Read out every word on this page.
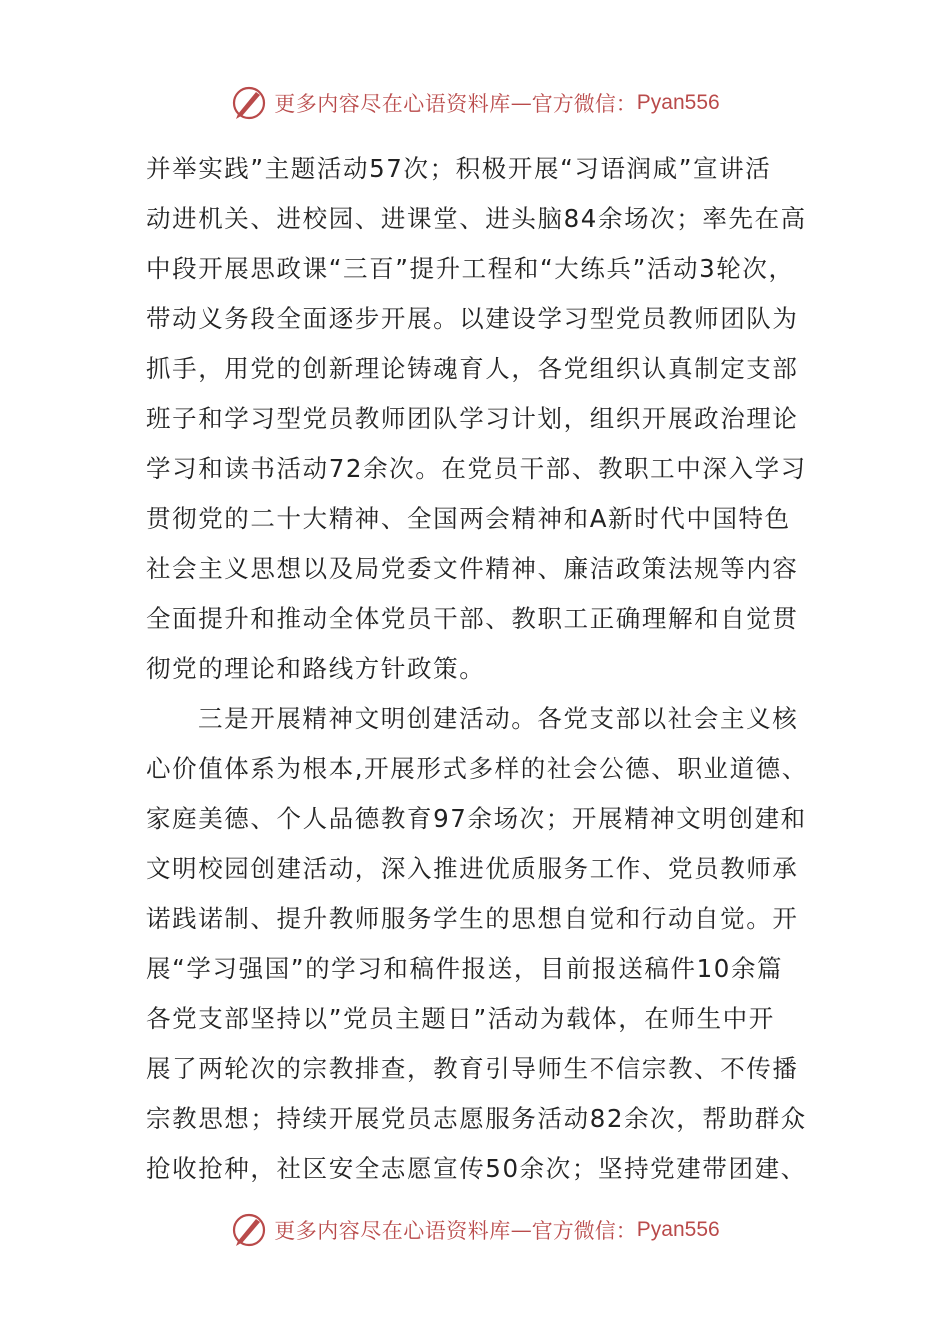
更多内容尽在心语资料库 — 官方微信： Pyan556
并举实践”主题活动57次；积极开展“习语润咸”宣讲活
动进机关、进校园、进课堂、进头脑84余场次；率先在高
中段开展思政课“三百”提升工程和“大练兵”活动3轮次，
带动义务段全面逐步开展。以建设学习型党员教师团队为
抓手，用党的创新理论铸魂育人，各党组织认真制定支部
班子和学习型党员教师团队学习计划，组织开展政治理论
学习和读书活动72余次。在党员干部、教职工中深入学习
贯彻党的二十大精神、全国两会精神和A新时代中国特色
社会主义思想以及局党委文件精神、廉洁政策法规等内容
全面提升和推动全体党员干部、教职工正确理解和自觉贯
彻党的理论和路线方针政策。
三是开展精神文明创建活动。各党支部以社会主义核
心价值体系为根本,开展形式多样的社会公德、职业道德、
家庭美德、个人品德教育97余场次；开展精神文明创建和
文明校园创建活动，深入推进优质服务工作、党员教师承
诺践诺制、提升教师服务学生的思想自觉和行动自觉。开
展“学习强国”的学习和稿件报送，目前报送稿件10余篇
各党支部坚持以”党员主题日”活动为载体，在师生中开
展了两轮次的宗教排查，教育引导师生不信宗教、不传播
宗教思想；持续开展党员志愿服务活动82余次，帮助群众
抢收抢种，社区安全志愿宣传50余次；坚持党建带团建、
更多内容尽在心语资料库 — 官方微信： Pyan556
